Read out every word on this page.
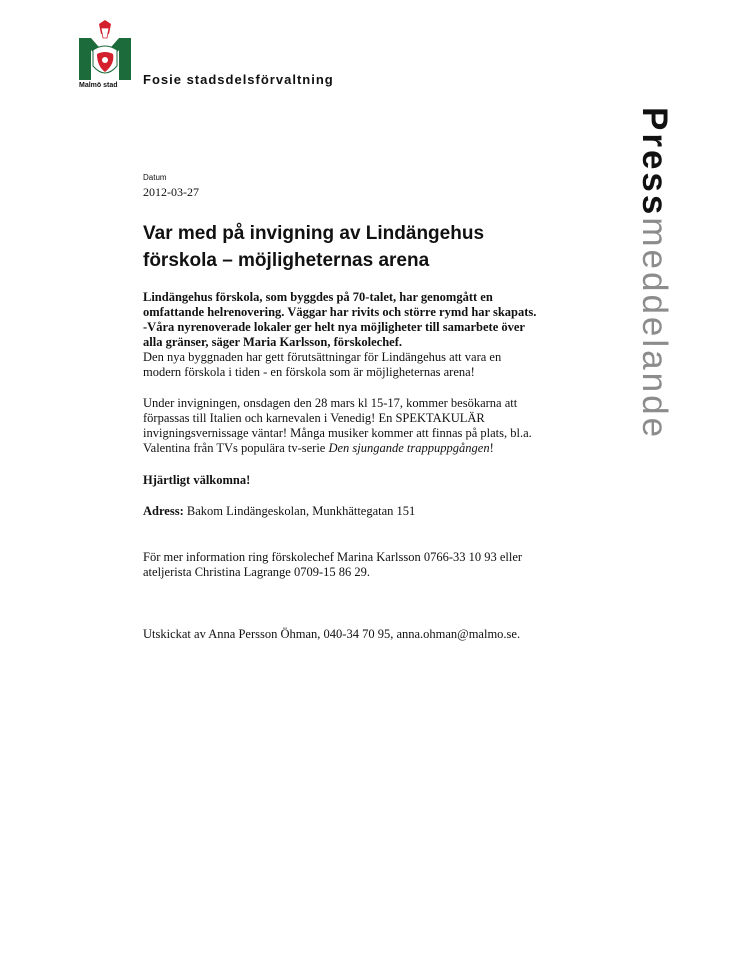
Malmö stad Fosie stadsdelsförvaltning
Pressmeddelande
Datum
2012-03-27
Var med på invigning av Lindängehus
förskola – möjligheternas arena

Lindängehus förskola, som byggdes på 70-talet, har genomgått en
omfattande helrenovering. Väggar har rivits och större rymd har skapats.
-Våra nyrenoverade lokaler ger helt nya möjligheter till samarbete över
alla gränser, säger Maria Karlsson, förskolechef.

Den nya byggnaden har gett förutsättningar för Lindängehus att vara en
modern förskola i tiden - en förskola som är möjligheternas arena!

Under invigningen, onsdagen den 28 mars kl 15-17, kommer besökarna att
förpassas till Italien och karnevalen i Venedig! En SPEKTAKULÄR
invigningsvernissage väntar! Många musiker kommer att finnas på plats, bl.a.
Valentina från TVs populära tv-serie Den sjungande trappuppgången!

Hjärtligt välkomna!

Adress: Bakom Lindängeskolan, Munkhättegatan 151

För mer information ring förskolechef Marina Karlsson 0766-33 10 93 eller
ateljerista Christina Lagrange 0709-15 86 29.

Utskickat av Anna Persson Öhman, 040-34 70 95, anna.ohman@malmo.se.
